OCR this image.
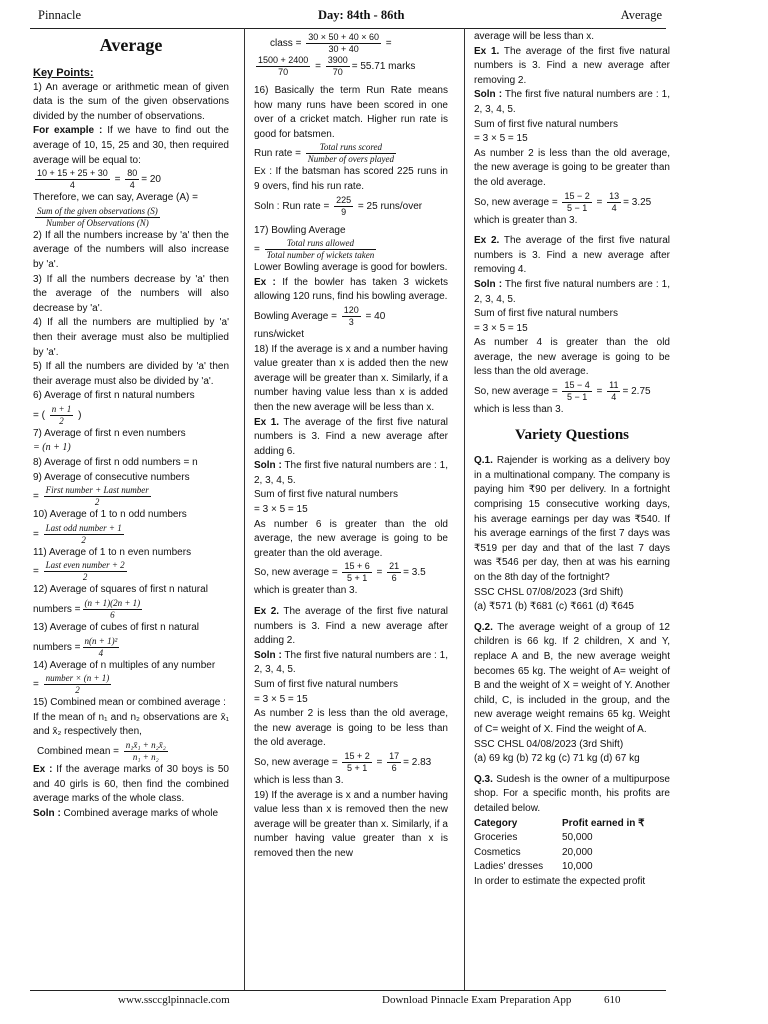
Pinnacle	Day: 84th - 86th	Average
Average
Key Points:

1) An average or arithmetic mean of given data is the sum of the given observations divided by the number of observations.

For example : If we have to find out the average of 10, 15, 25 and 30, then required average will be equal to:

$\frac{10 + 15 + 25 + 30}{4} = \frac{80}{4} = 20$

Therefore, we can say, Average (A) =

$\frac{\text{Sum of the given observations (S)}}{\text{Number of Observations (N)}}$

2) If all the numbers increase by 'a' then the average of the numbers will also increase by 'a'.

3) If all the numbers decrease by 'a' then the average of the numbers will also decrease by 'a'.

4) If all the numbers are multiplied by 'a' then their average must also be multiplied by 'a'.

5) If all the numbers are divided by 'a' then their average must also be divided by 'a'.

6) Average of first n natural numbers

= ( $\frac{n + 1}{2}$ )

7) Average of first n even numbers

= (n + 1)

8) Average of first n odd numbers = n

9) Average of consecutive numbers

= $\frac{\text{First number + Last number}}{2}$

10) Average of 1 to n odd numbers

= $\frac{\text{Last odd number + 1}}{2}$

11) Average of 1 to n even numbers

= $\frac{\text{Last even number + 2}}{2}$

12) Average of squares of first n natural

numbers = $\frac{(n + 1)(2n + 1)}{6}$

13) Average of cubes of first n natural

numbers = $\frac{\text{n(n + 1)²}}{4}$

14) Average of n multiples of any number

= $\frac{\text{number × (n + 1)}}{2}$

15) Combined mean or combined average :

If the mean of n₁ and n₂ observations are x̄₁ and x̄₂ respectively then,

Combined mean = $\frac{\text{n₁x̄₁ + n₂x̄₂}}{\text{n₁ + n₂}}$

Ex : If the average marks of 30 boys is 50 and 40 girls is 60, then find the combined average marks of the whole class.

Soln : Combined average marks of whole

class = $\frac{30 \times 50 + 40 \times 60}{30 + 40}$ =

$\frac{1500 + 2400}{70} = \frac{3900}{70} = 55.71$ marks

16) Basically the term Run Rate means how many runs have been scored in one over of a cricket match. Higher run rate is good for batsmen.

Run rate = $\frac{\text{Total runs scored}}{\text{Number of overs played}}$

Ex : If the batsman has scored 225 runs in 9 overs, find his run rate.

Soln : Run rate = $\frac{225}{9} = 25$ runs/over

17) Bowling Average

= $\frac{\text{Total runs allowed}}{\text{Total number of wickets taken}}$

Lower Bowling average is good for bowlers.

Ex : If the bowler has taken 3 wickets allowing 120 runs, find his bowling average.

Bowling Average = $\frac{120}{3} = 40$

runs/wicket

18) If the average is x and a number having value greater than x is added then the new average will be greater than x. Similarly, if a number having value less than x is added then the new average will be less than x.

Ex 1. The average of the first five natural numbers is 3. Find a new average after adding 6.

Soln : The first five natural numbers are : 1, 2, 3, 4, 5.

Sum of first five natural numbers

= 3 × 5 = 15

As number 6 is greater than the old average, the new average is going to be greater than the old average.

So, new average = $\frac{15 + 6}{5 + 1} = \frac{21}{6} = 3.5$

which is greater than 3.

Ex 2. The average of the first five natural numbers is 3. Find a new average after adding 2.

Soln : The first five natural numbers are : 1, 2, 3, 4, 5.

Sum of first five natural numbers

= 3 × 5 = 15

As number 2 is less than the old average, the new average is going to be less than the old average.

So, new average = $\frac{15 + 2}{5 + 1} = \frac{17}{6} = 2.83$

which is less than 3.

19) If the average is x and a number having value less than x is removed then the new average will be greater than x. Similarly, if a number having value greater than x is removed then the new

average will be less than x.

Ex 1. The average of the first five natural numbers is 3. Find a new average after removing 2.

Soln : The first five natural numbers are : 1, 2, 3, 4, 5.

Sum of first five natural numbers

= 3 × 5 = 15

As number 2 is less than the old average, the new average is going to be greater than the old average.

So, new average = $\frac{15 - 2}{5 - 1} = \frac{13}{4} = 3.25$

which is greater than 3.

Ex 2. The average of the first five natural numbers is 3. Find a new average after removing 4.

Soln : The first five natural numbers are : 1, 2, 3, 4, 5.

Sum of first five natural numbers

= 3 × 5 = 15

As number 4 is greater than the old average, the new average is going to be less than the old average.

So, new average = $\frac{15 - 4}{5 - 1} = \frac{11}{4} = 2.75$

which is less than 3.

Variety Questions

Q.1. Rajender is working as a delivery boy in a multinational company. The company is paying him ₹90 per delivery. In a fortnight comprising 15 consecutive working days, his average earnings per day was ₹540. If his average earnings of the first 7 days was ₹519 per day and that of the last 7 days was ₹546 per day, then at was his earning on the 8th day of the fortnight?

SSC CHSL 07/08/2023 (3rd Shift)

(a) ₹571 (b) ₹681 (c) ₹661 (d) ₹645

Q.2. The average weight of a group of 12 children is 66 kg. If 2 children, X and Y, replace A and B, the new average weight becomes 65 kg. The weight of A= weight of B and the weight of X = weight of Y. Another child, C, is included in the group, and the new average weight remains 65 kg. Weight of C= weight of X. Find the weight of A.

SSC CHSL 04/08/2023 (3rd Shift)

(a) 69 kg (b) 72 kg (c) 71 kg (d) 67 kg

Q.3. Sudesh is the owner of a multipurpose shop. For a specific month, his profits are detailed below.

Category	Profit earned in ₹
Groceries	50,000
Cosmetics	20,000
Ladies' dresses	10,000

In order to estimate the expected profit

www.ssccglpinnacle.com	Download Pinnacle Exam Preparation App	610
